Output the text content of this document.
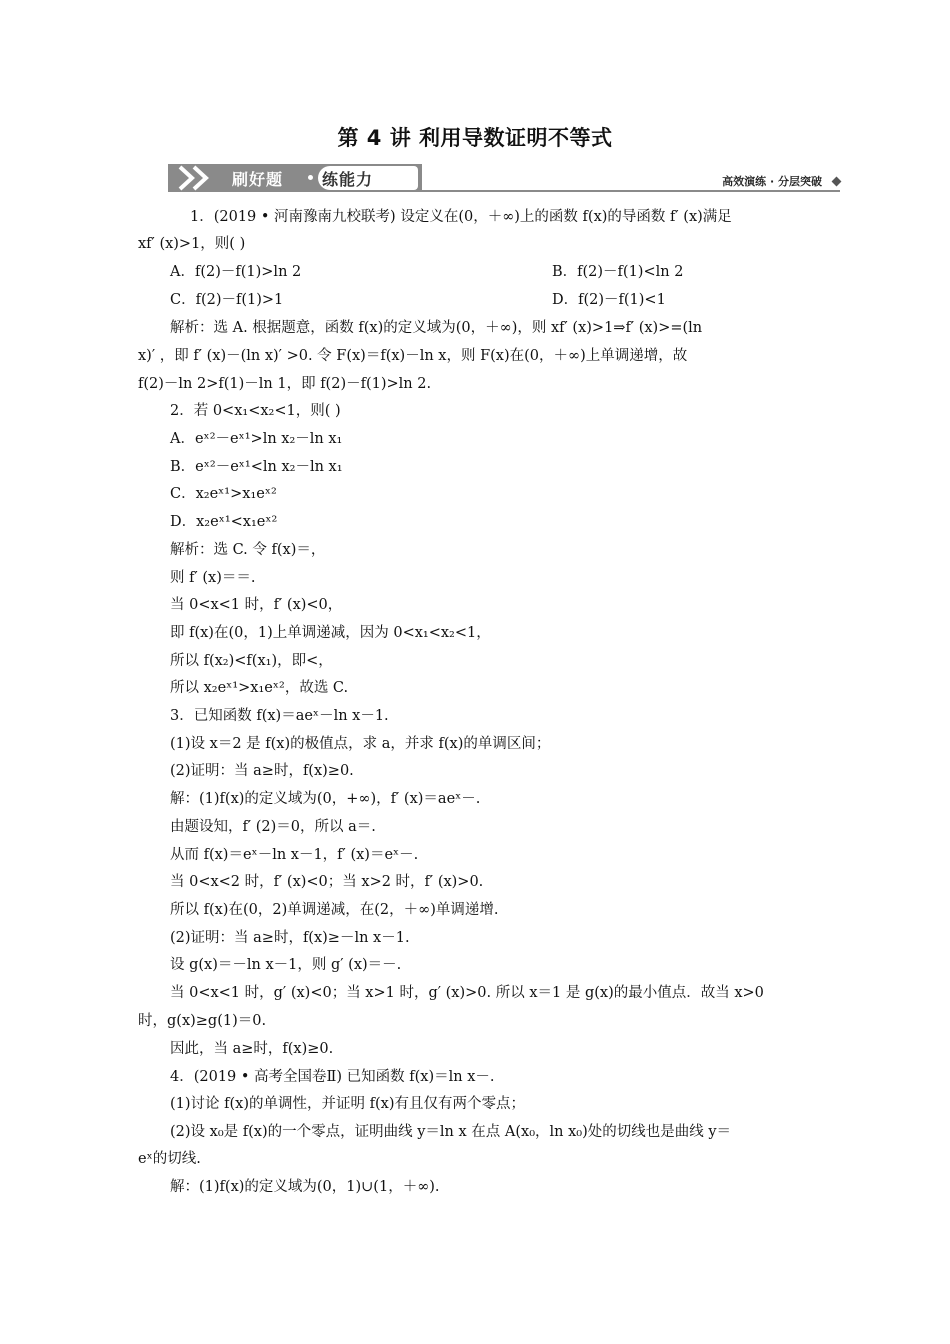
第 4 讲 利用导数证明不等式
刷好题 练能力	高效演练 · 分层突破
1．(2019 • 河南豫南九校联考) 设定义在(0，＋∞)上的函数 f(x)的导函数 f′ (x)满足
xf′ (x)>1，则( )
A．f(2)－f(1)>ln 2	B．f(2)－f(1)<ln 2
C．f(2)－f(1)>1	D．f(2)－f(1)<1
解析：选 A. 根据题意，函数 f(x)的定义域为(0，＋∞)，则 xf′ (x)>1⇒f′ (x)>=(ln
x)′ ，即 f′ (x)－(ln x)′ >0. 令 F(x)＝f(x)－ln x，则 F(x)在(0，＋∞)上单调递增，故
f(2)－ln 2>f(1)－ln 1，即 f(2)－f(1)>ln 2.
2．若 0<x₁<x₂<1，则( )
A．eˣ²－eˣ¹>ln x₂－ln x₁
B．eˣ²－eˣ¹<ln x₂－ln x₁
C．x₂eˣ¹>x₁eˣ²
D．x₂eˣ¹<x₁eˣ²
解析：选 C. 令 f(x)＝，
则 f′ (x)＝＝.
当 0<x<1 时，f′ (x)<0，
即 f(x)在(0，1)上单调递减，因为 0<x₁<x₂<1，
所以 f(x₂)<f(x₁)，即<，
所以 x₂eˣ¹>x₁eˣ²，故选 C.
3．已知函数 f(x)＝aeˣ－ln x－1.
(1)设 x＝2 是 f(x)的极值点，求 a，并求 f(x)的单调区间；
(2)证明：当 a≥时，f(x)≥0.
解：(1)f(x)的定义域为(0，+∞)，f′ (x)＝aeˣ－.
由题设知，f′ (2)＝0，所以 a＝.
从而 f(x)＝eˣ－ln x－1，f′ (x)＝eˣ－.
当 0<x<2 时，f′ (x)<0；当 x>2 时，f′ (x)>0.
所以 f(x)在(0，2)单调递减，在(2，＋∞)单调递增.
(2)证明：当 a≥时，f(x)≥－ln x－1.
设 g(x)＝－ln x－1，则 g′ (x)＝－.
当 0<x<1 时，g′ (x)<0；当 x>1 时，g′ (x)>0. 所以 x＝1 是 g(x)的最小值点．故当 x>0
时，g(x)≥g(1)＝0.
因此，当 a≥时，f(x)≥0.
4．(2019 • 高考全国卷Ⅱ) 已知函数 f(x)＝ln x－.
(1)讨论 f(x)的单调性，并证明 f(x)有且仅有两个零点；
(2)设 x₀是 f(x)的一个零点，证明曲线 y＝ln x 在点 A(x₀，ln x₀)处的切线也是曲线 y＝
eˣ的切线.
解：(1)f(x)的定义域为(0，1)∪(1，＋∞).
